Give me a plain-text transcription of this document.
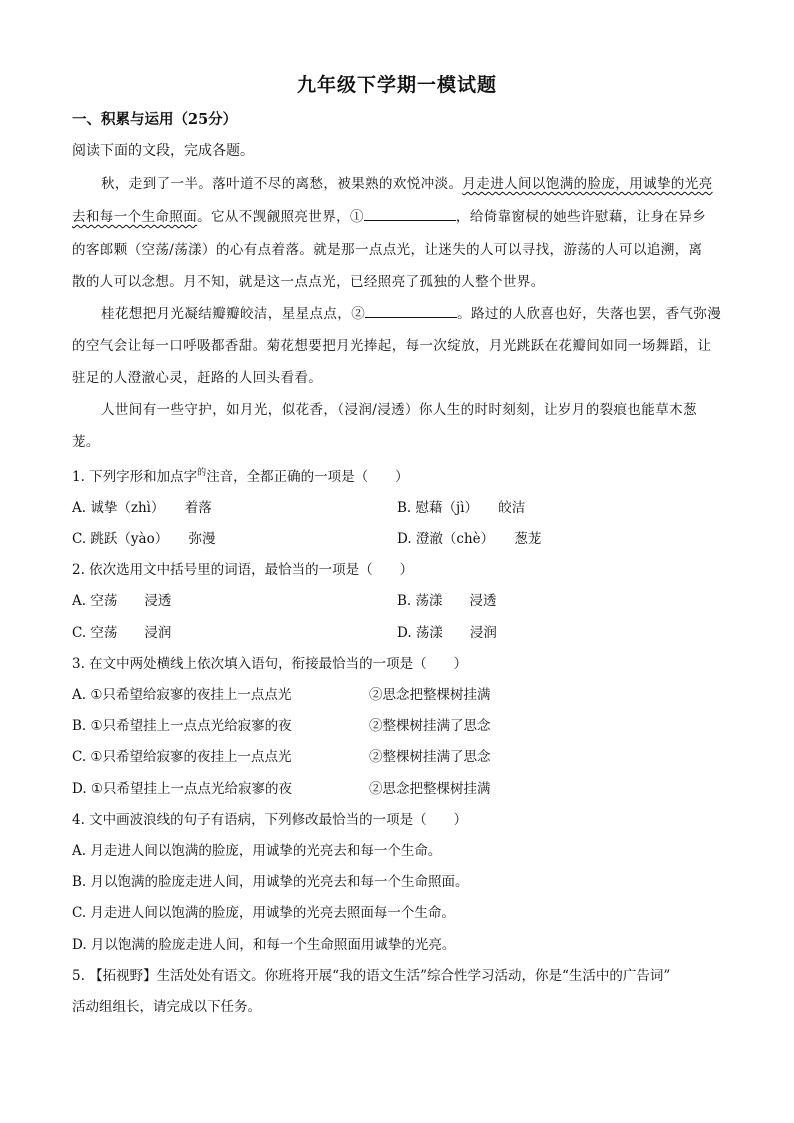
九年级下学期一模试题
一、积累与运用（25分）
阅读下面的文段，完成各题。
秋，走到了一半。落叶道不尽的离愁，被果熟的欢悦冲淡。月走进人间以饱满的脸庞，用诚挚的光亮
去和每一个生命照面。它从不觊觎照亮世界，①	，给倚靠窗棂的她些许慰藉，让身在异乡
的客郎颗（空荡/荡漾）的心有点着落。就是那一点点光，让迷失的人可以寻找，游荡的人可以追溯，离
散的人可以念想。月不知，就是这一点点光，已经照亮了孤独的人整个世界。
桂花想把月光凝结瓣瓣皎洁，星星点点，②	。路过的人欣喜也好，失落也罢，香气弥漫
的空气会让每一口呼吸都香甜。菊花想要把月光捧起，每一次绽放，月光跳跃在花瓣间如同一场舞蹈，让
驻足的人澄澈心灵，赶路的人回头看看。
人世间有一些守护，如月光，似花香，（浸润/浸透）你人生的时时刻刻，让岁月的裂痕也能草木葱
茏。
1. 下列字形和加点字$^的$注音，全都正确的一项是（　　）
A. 诚挚（zhì）　　着落	B. 慰藉（jì）　　皎洁
C. 跳跃（yào）　　弥漫	D. 澄澈（chè）　　葱茏
2. 依次选用文中括号里的词语，最恰当的一项是（　　）
A. 空荡　　浸透	B. 荡漾　　浸透
C. 空荡　　浸润	D. 荡漾　　浸润
3. 在文中两处横线上依次填入语句，衔接最恰当的一项是（　　）
A. ①只希望给寂寥的夜挂上一点点光	②思念把整棵树挂满
B. ①只希望挂上一点点光给寂寥的夜	②整棵树挂满了思念
C. ①只希望给寂寥的夜挂上一点点光	②整棵树挂满了思念
D. ①只希望挂上一点点光给寂寥的夜	②思念把整棵树挂满
4. 文中画波浪线的句子有语病，下列修改最恰当的一项是（　　）
A. 月走进人间以饱满的脸庞，用诚挚的光亮去和每一个生命。
B. 月以饱满的脸庞走进人间，用诚挚的光亮去和每一个生命照面。
C. 月走进人间以饱满的脸庞，用诚挚的光亮去照面每一个生命。
D. 月以饱满的脸庞走进人间，和每一个生命照面用诚挚的光亮。
5. 【拓视野】生活处处有语文。你班将开展“我的语文生活”综合性学习活动，你是“生活中的广告词”
活动组组长，请完成以下任务。
